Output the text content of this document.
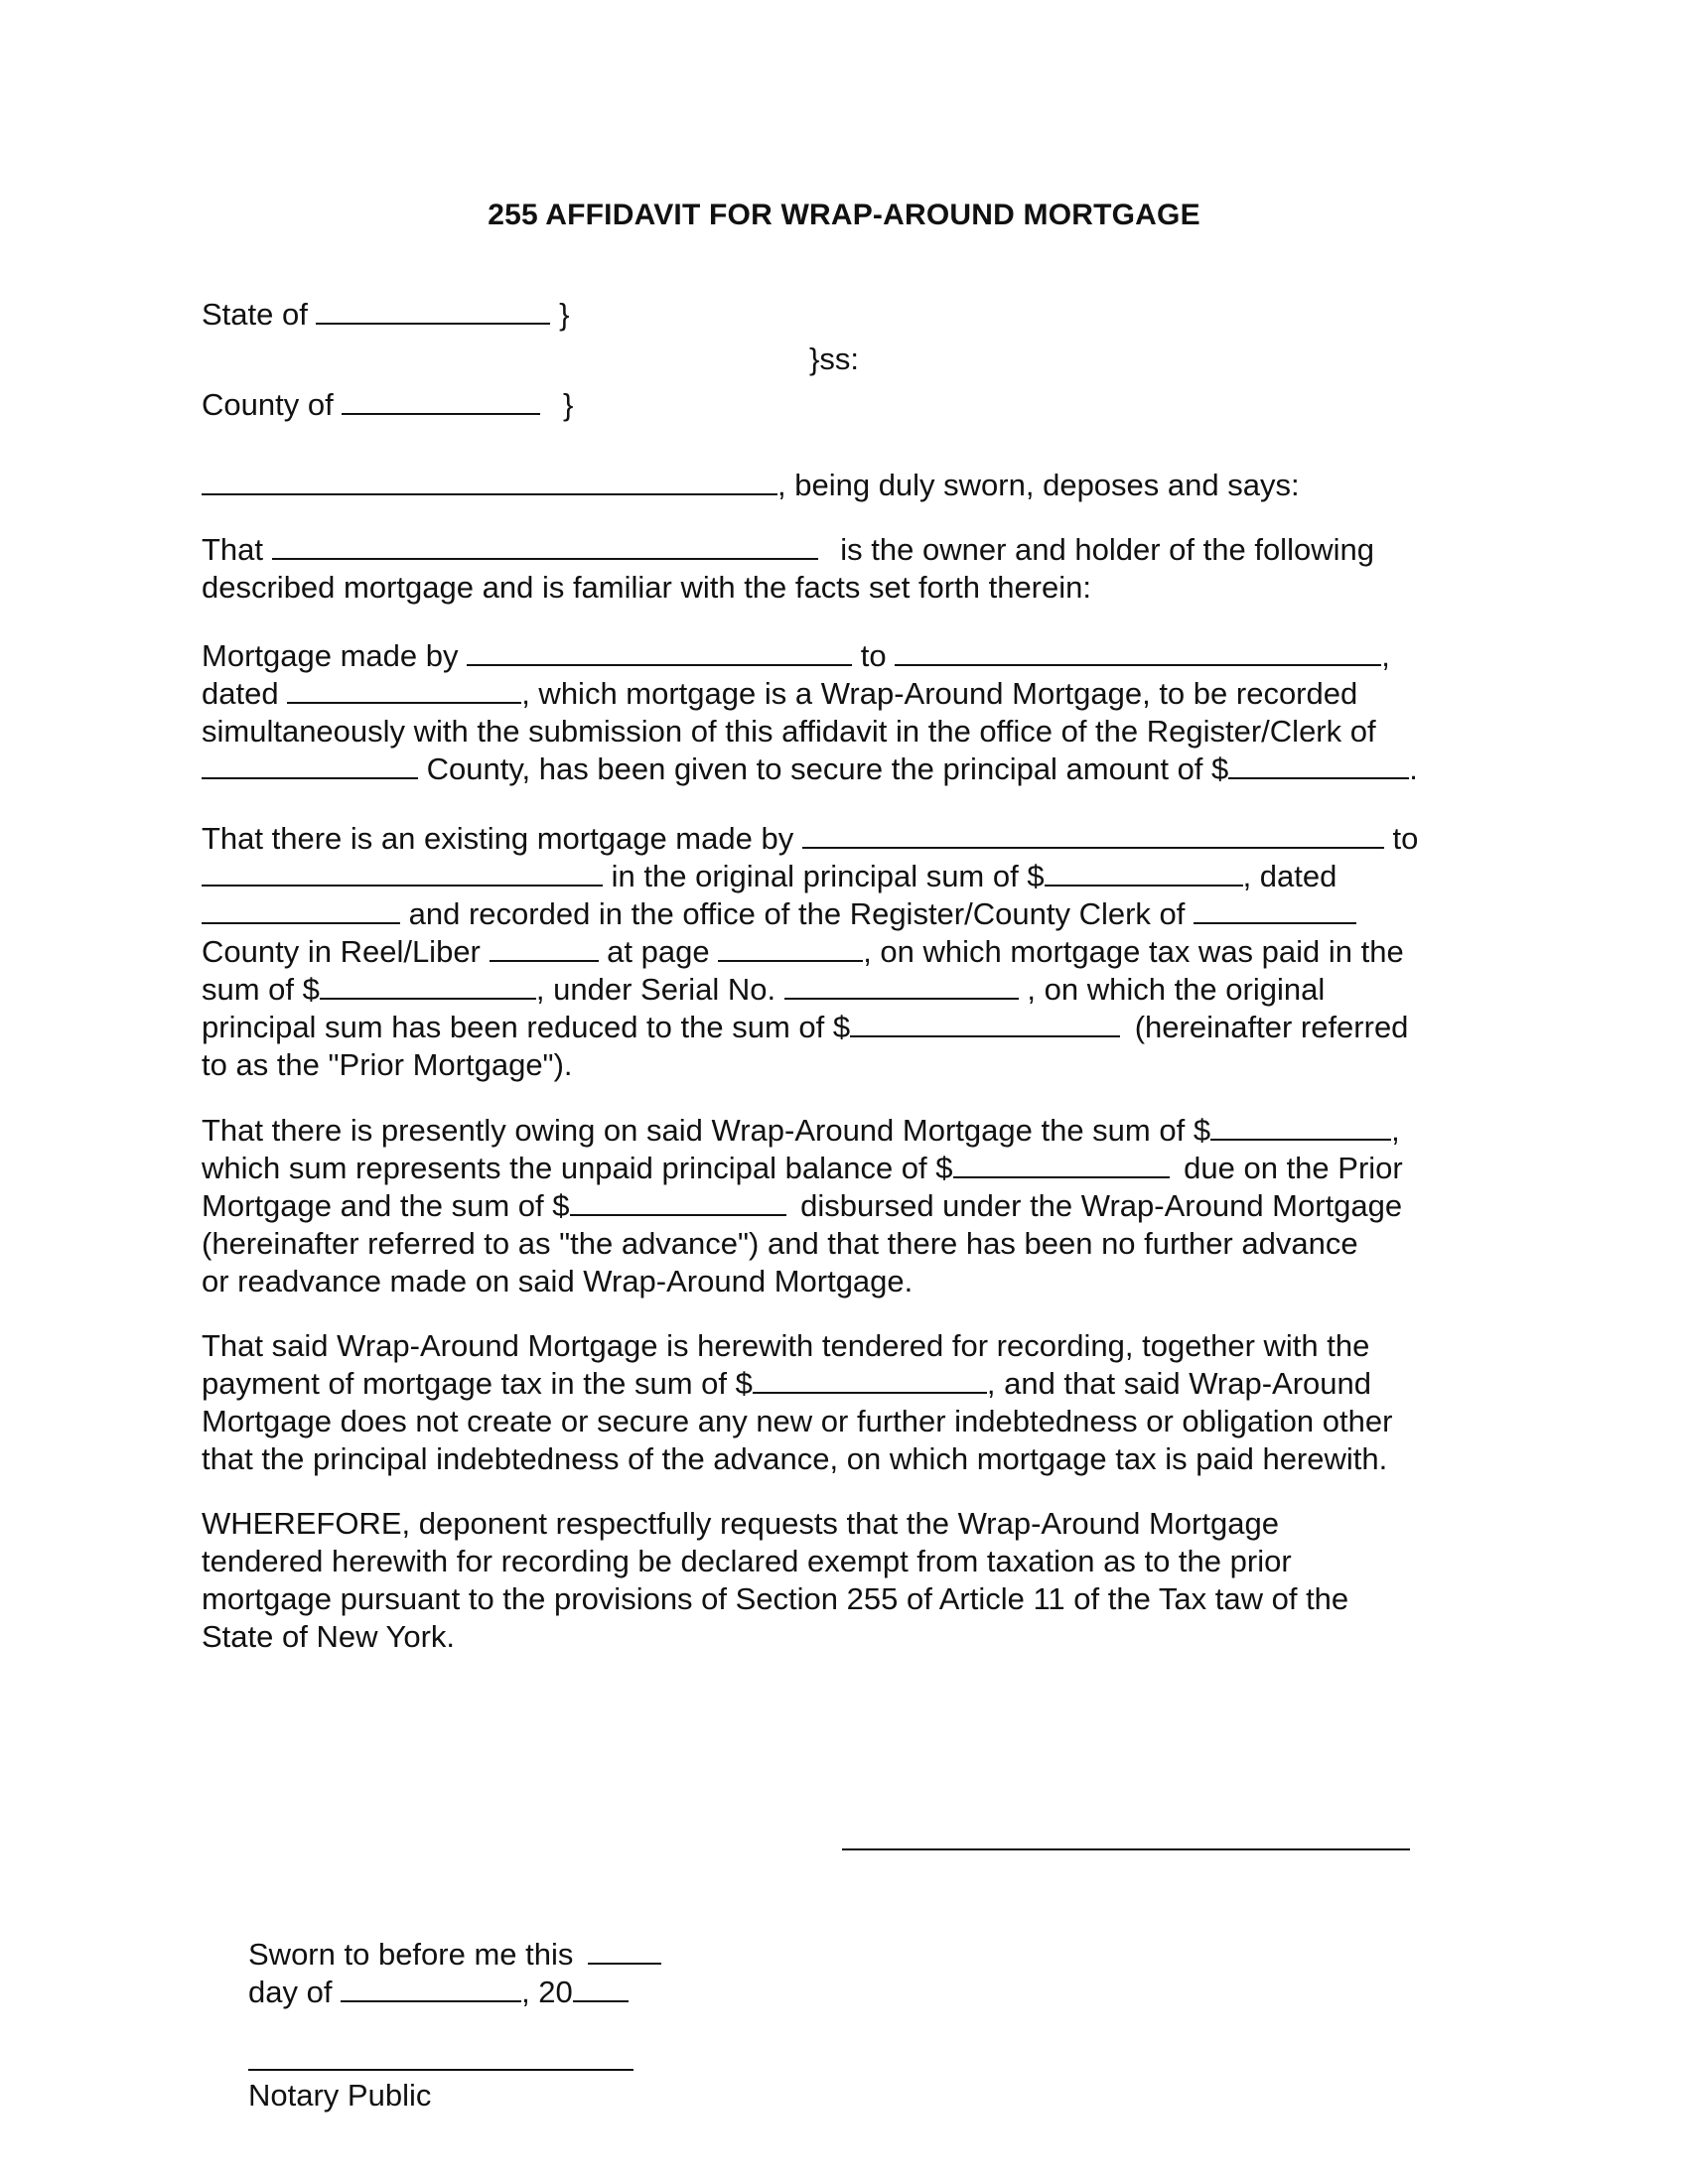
255 AFFIDAVIT FOR WRAP-AROUND MORTGAGE
State of	}
}ss:
County of	}
, being duly sworn, deposes and says:
That	is the owner and holder of the following
described mortgage and is familiar with the facts set forth therein:
Mortgage made by	to	,
dated	, which mortgage is a Wrap-Around Mortgage, to be recorded
simultaneously with the submission of this affidavit in the office of the Register/Clerk of
County, has been given to secure the principal amount of $	.
That there is an existing mortgage made by	to
in the original principal sum of $	, dated
and recorded in the office of the Register/County Clerk of
County in Reel/Liber	at page	, on which mortgage tax was paid in the
sum of $	, under Serial No.	, on which the original
principal sum has been reduced to the sum of $	(hereinafter referred
to as the "Prior Mortgage").
That there is presently owing on said Wrap-Around Mortgage the sum of $	,
which sum represents the unpaid principal balance of $	due on the Prior
Mortgage and the sum of $	disbursed under the Wrap-Around Mortgage
(hereinafter referred to as "the advance") and that there has been no further advance
or readvance made on said Wrap-Around Mortgage.
That said Wrap-Around Mortgage is herewith tendered for recording, together with the
payment of mortgage tax in the sum of $	, and that said Wrap-Around
Mortgage does not create or secure any new or further indebtedness or obligation other
that the principal indebtedness of the advance, on which mortgage tax is paid herewith.
WHEREFORE, deponent respectfully requests that the Wrap-Around Mortgage
tendered herewith for recording be declared exempt from taxation as to the prior
mortgage pursuant to the provisions of Section 255 of Article 11 of the Tax taw of the
State of New York.
Sworn to before me this
day of	, 20
Notary Public
